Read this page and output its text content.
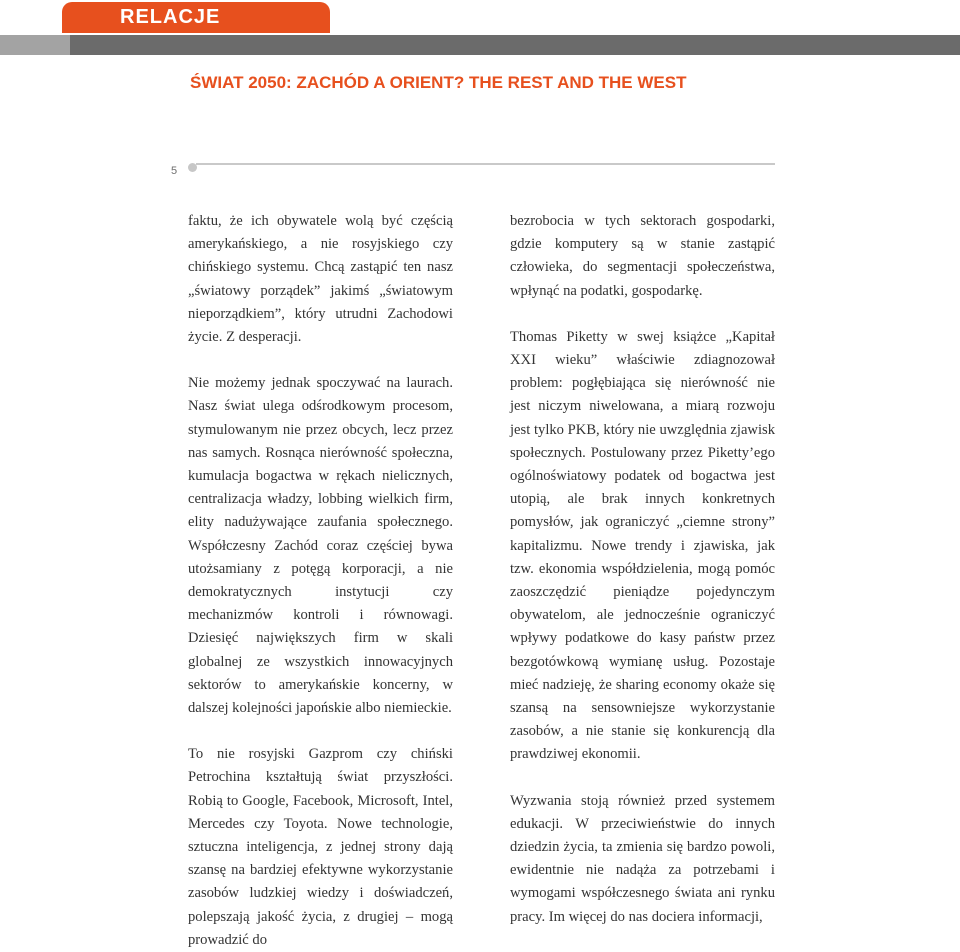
RELACJE
ŚWIAT 2050: ZACHÓD A ORIENT? THE REST AND THE WEST
5

faktu, że ich obywatele wolą być częścią amerykańskiego, a nie rosyjskiego czy chińskiego systemu. Chcą zastąpić ten nasz „światowy porządek” jakimś „światowym nieporządkiem”, który utrudni Zachodowi życie. Z desperacji.

Nie możemy jednak spoczywać na laurach. Nasz świat ulega odśrodkowym procesom, stymulowanym nie przez obcych, lecz przez nas samych. Rosnąca nierówność społeczna, kumulacja bogactwa w rękach nielicznych, centralizacja władzy, lobbing wielkich firm, elity nadużywające zaufania społecznego. Współczesny Zachód coraz częściej bywa utożsamiany z potęgą korporacji, a nie demokratycznych instytucji czy mechanizmów kontroli i równowagi. Dziesięć największych firm w skali globalnej ze wszystkich innowacyjnych sektorów to amerykańskie koncerny, w dalszej kolejności japońskie albo niemieckie.

To nie rosyjski Gazprom czy chiński Petrochina kształtują świat przyszłości. Robią to Google, Facebook, Microsoft, Intel, Mercedes czy Toyota. Nowe technologie, sztuczna inteligencja, z jednej strony dają szansę na bardziej efektywne wykorzystanie zasobów ludzkiej wiedzy i doświadczeń, polepszają jakość życia, z drugiej – mogą prowadzić do

bezrobocia w tych sektorach gospodarki, gdzie komputery są w stanie zastąpić człowieka, do segmentacji społeczeństwa, wpłynąć na podatki, gospodarkę.

Thomas Piketty w swej książce „Kapitał XXI wieku” właściwie zdiagnozował problem: pogłębiająca się nierówność nie jest niczym niwelowana, a miarą rozwoju jest tylko PKB, który nie uwzględnia zjawisk społecznych. Postulowany przez Piketty’ego ogólnoświatowy podatek od bogactwa jest utopią, ale brak innych konkretnych pomysłów, jak ograniczyć „ciemne strony” kapitalizmu. Nowe trendy i zjawiska, jak tzw. ekonomia współdzielenia, mogą pomóc zaoszczędzić pieniądze pojedynczym obywatelom, ale jednocześnie ograniczyć wpływy podatkowe do kasy państw przez bezgotówkową wymianę usług. Pozostaje mieć nadzieję, że sharing economy okaże się szansą na sensowniejsze wykorzystanie zasobów, a nie stanie się konkurencją dla prawdziwej ekonomii.

Wyzwania stoją również przed systemem edukacji. W przeciwieństwie do innych dziedzin życia, ta zmienia się bardzo powoli, ewidentnie nie nadąża za potrzebami i wymogami współczesnego świata ani rynku pracy. Im więcej do nas dociera informacji,
